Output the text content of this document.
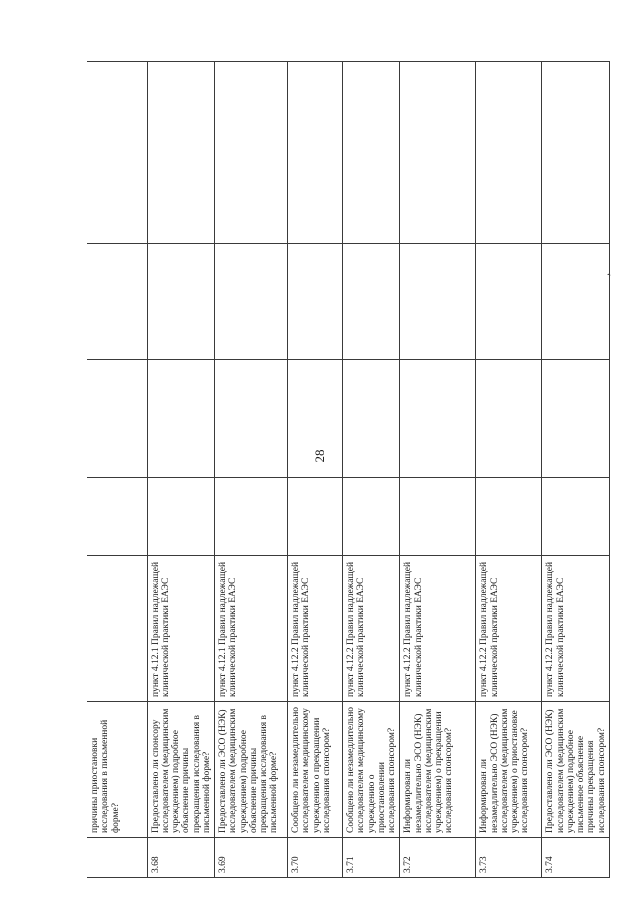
28
ˎ
	причины приостановки исследования в письменной форме?					
3.68	Предоставлено ли спонсору исследователем (медицинским учреждением) подробное объяснение причины прекращения исследования в письменной форме?	пункт 4.12.1 Правил надлежащей клинической практики ЕАЭС				
3.69	Предоставлено ли ЭСО (НЭК) исследователем (медицинским учреждением) подробное объяснение причины прекращения исследования в письменной форме?	пункт 4.12.1 Правил надлежащей клинической практики ЕАЭС				
3.70	Сообщено ли незамедлительно исследователем медицинскому учреждению о прекращении исследования спонсором?	пункт 4.12.2 Правил надлежащей клинической практики ЕАЭС				
3.71	Сообщено ли незамедлительно исследователем медицинскому учреждению о приостановлении исследования спонсором?	пункт 4.12.2 Правил надлежащей клинической практики ЕАЭС				
3.72	Информирован ли незамедлительно ЭСО (НЭК) исследователем (медицинским учреждением) о прекращении исследования спонсором?	пункт 4.12.2 Правил надлежащей клинической практики ЕАЭС				
3.73	Информирован ли незамедлительно ЭСО (НЭК) исследователем (медицинским учреждением) о приостановке исследования спонсором?	пункт 4.12.2 Правил надлежащей клинической практики ЕАЭС				
3.74	Предоставлено ли ЭСО (НЭК) исследователем (медицинским учреждением) подробное письменное объяснение причины прекращения исследования спонсором?	пункт 4.12.2 Правил надлежащей клинической практики ЕАЭС				
